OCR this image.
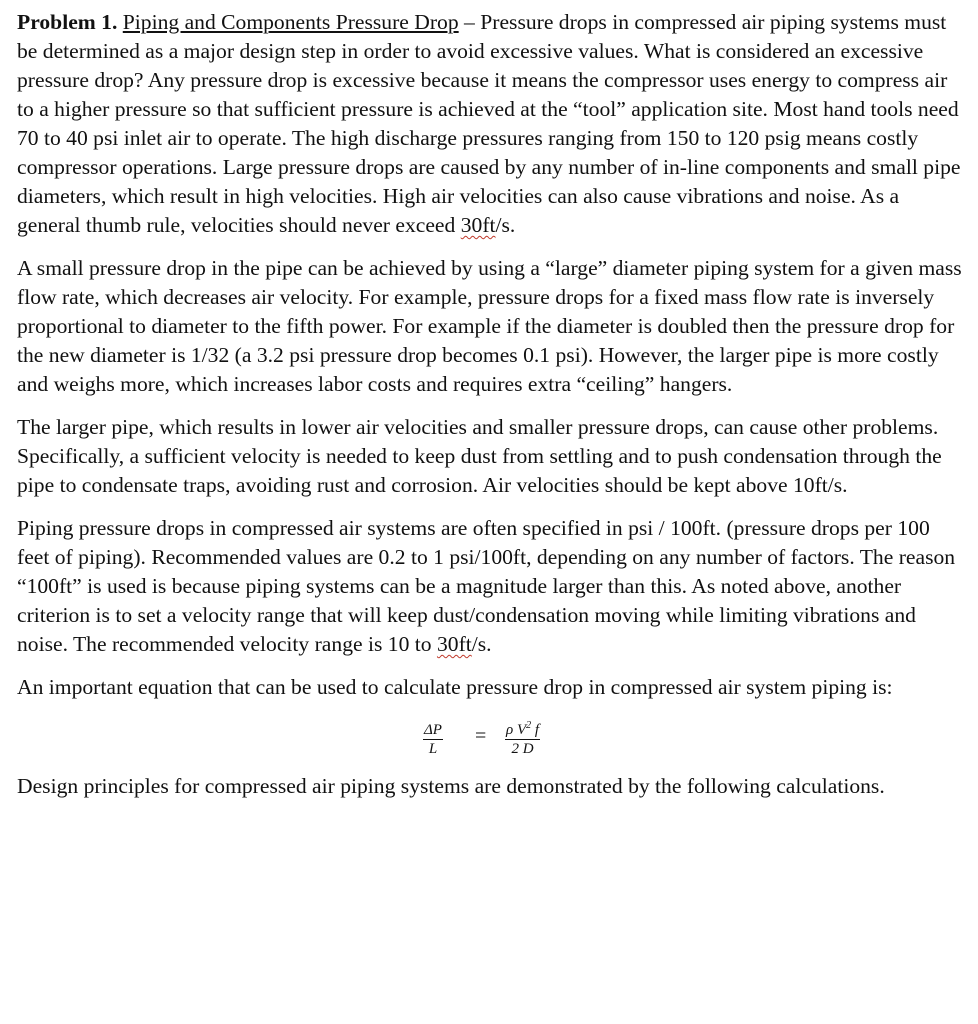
Problem 1. Piping and Components Pressure Drop – Pressure drops in compressed air piping systems must be determined as a major design step in order to avoid excessive values. What is considered an excessive pressure drop? Any pressure drop is excessive because it means the compressor uses energy to compress air to a higher pressure so that sufficient pressure is achieved at the “tool” application site. Most hand tools need 70 to 40 psi inlet air to operate. The high discharge pressures ranging from 150 to 120 psig means costly compressor operations. Large pressure drops are caused by any number of in-line components and small pipe diameters, which result in high velocities. High air velocities can also cause vibrations and noise. As a general thumb rule, velocities should never exceed 30ft/s.

A small pressure drop in the pipe can be achieved by using a “large” diameter piping system for a given mass flow rate, which decreases air velocity. For example, pressure drops for a fixed mass flow rate is inversely proportional to diameter to the fifth power. For example if the diameter is doubled then the pressure drop for the new diameter is 1/32 (a 3.2 psi pressure drop becomes 0.1 psi). However, the larger pipe is more costly and weighs more, which increases labor costs and requires extra “ceiling” hangers.

The larger pipe, which results in lower air velocities and smaller pressure drops, can cause other problems. Specifically, a sufficient velocity is needed to keep dust from settling and to push condensation through the pipe to condensate traps, avoiding rust and corrosion. Air velocities should be kept above 10ft/s.

Piping pressure drops in compressed air systems are often specified in psi / 100ft. (pressure drops per 100 feet of piping). Recommended values are 0.2 to 1 psi/100ft, depending on any number of factors. The reason “100ft” is used is because piping systems can be a magnitude larger than this. As noted above, another criterion is to set a velocity range that will keep dust/condensation moving while limiting vibrations and noise. The recommended velocity range is 10 to 30ft/s.

An important equation that can be used to calculate pressure drop in compressed air system piping is:

$\frac{\Delta P}{L} = \frac{\rho V^2 f}{2 D}$

Design principles for compressed air piping systems are demonstrated by the following calculations.
